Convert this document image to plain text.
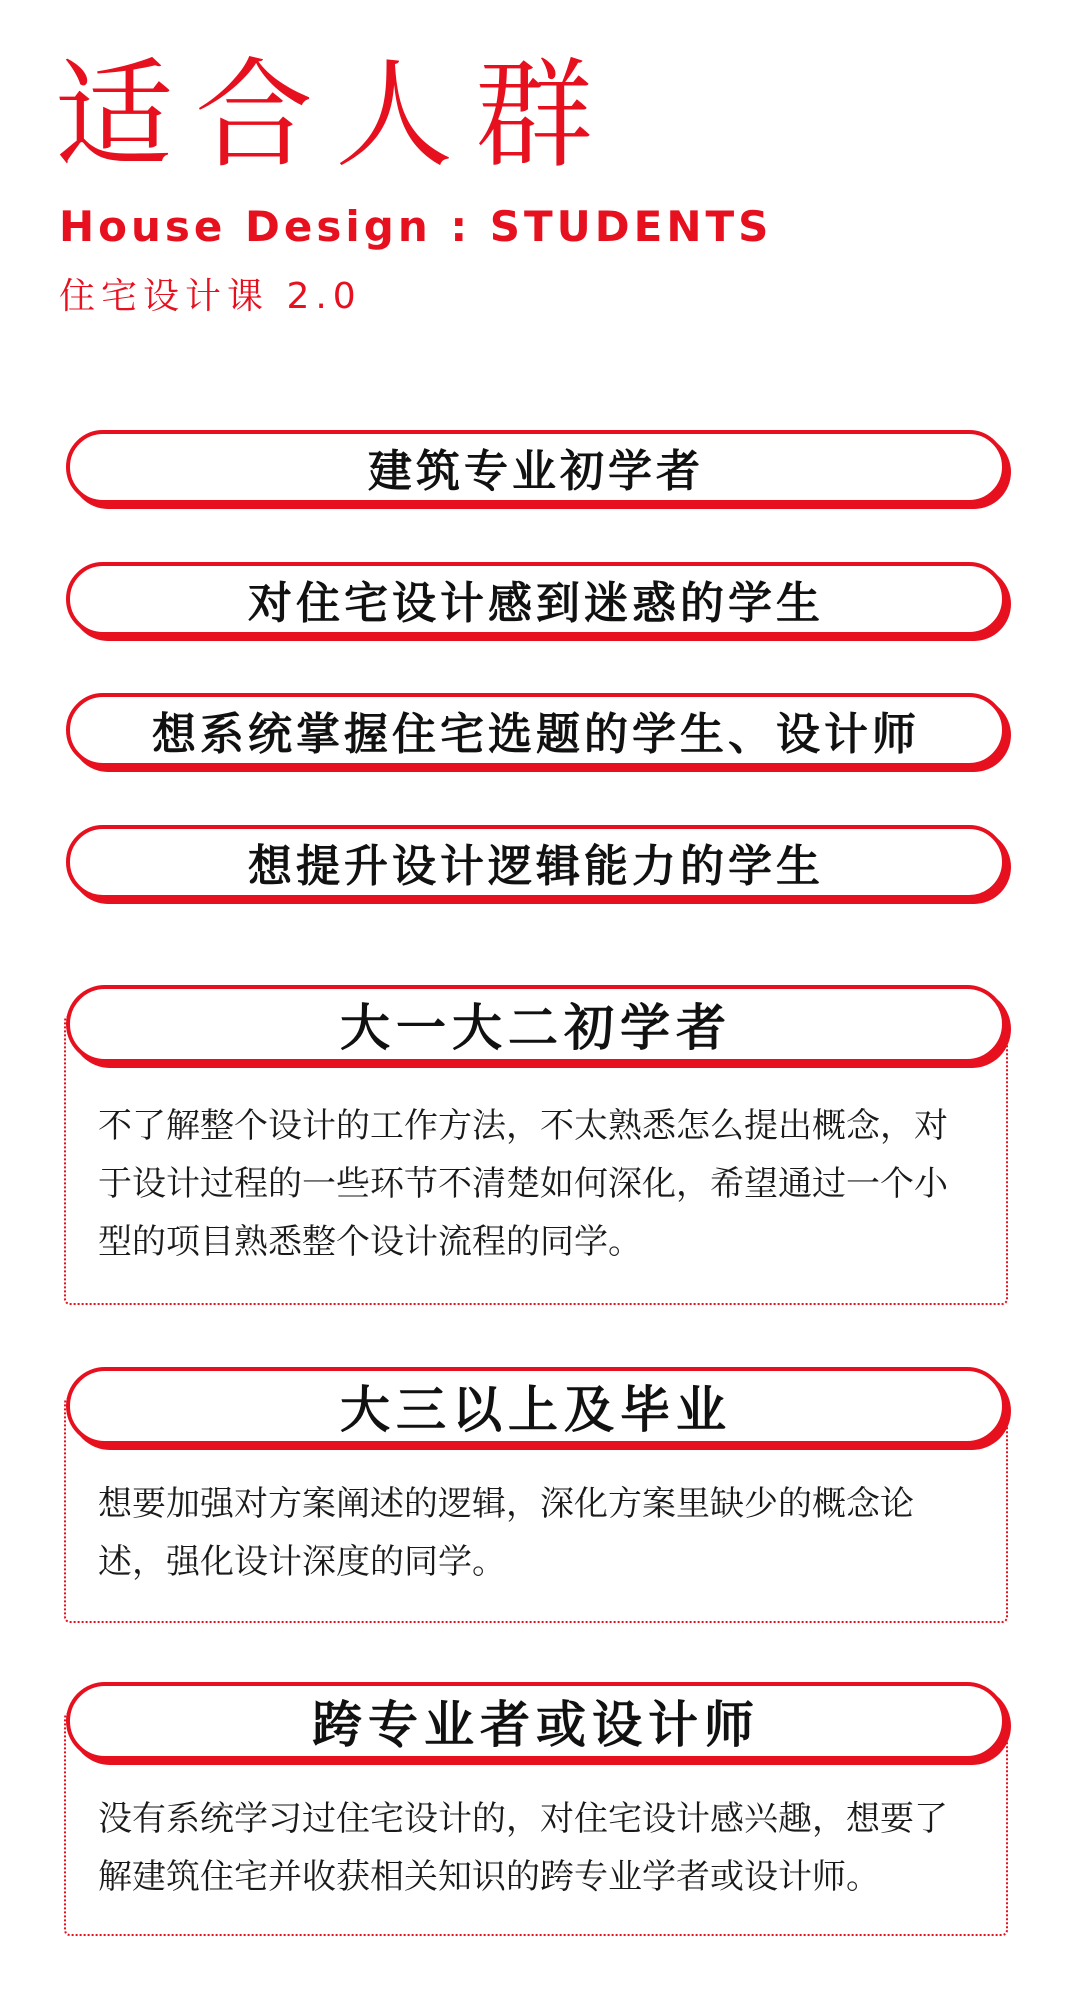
适合人群
House Design : STUDENTS
住宅设计课 2.0
建筑专业初学者
对住宅设计感到迷惑的学生
想系统掌握住宅选题的学生、设计师
想提升设计逻辑能力的学生
大一大二初学者
不了解整个设计的工作方法，不太熟悉怎么提出概念，对于设计过程的一些环节不清楚如何深化，希望通过一个小型的项目熟悉整个设计流程的同学。
大三以上及毕业
想要加强对方案阐述的逻辑，深化方案里缺少的概念论述，强化设计深度的同学。
跨专业者或设计师
没有系统学习过住宅设计的，对住宅设计感兴趣，想要了解建筑住宅并收获相关知识的跨专业学者或设计师。
